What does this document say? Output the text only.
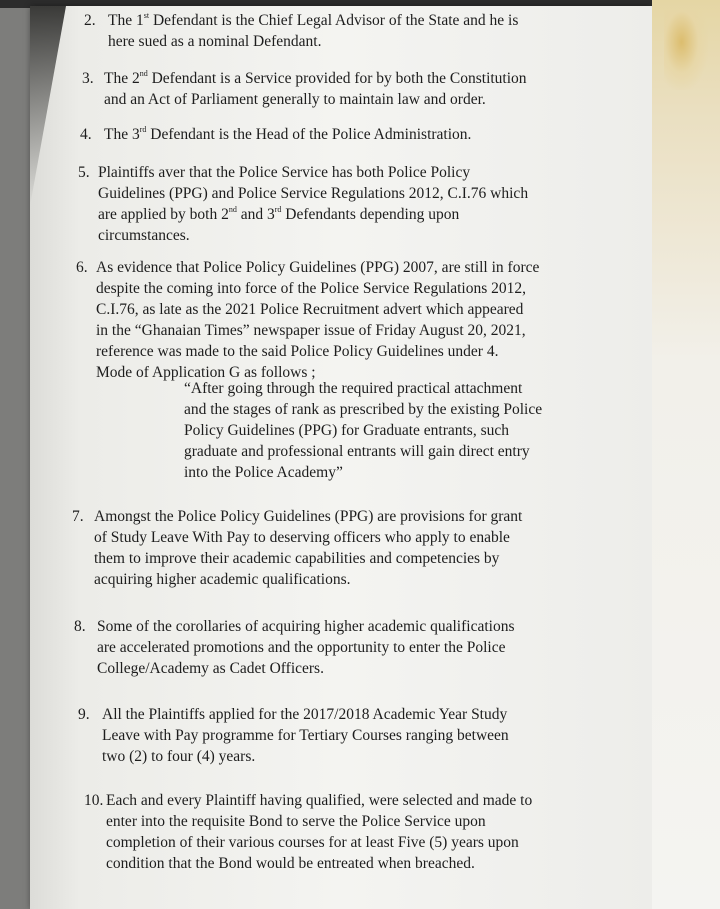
2. The 1st Defendant is the Chief Legal Advisor of the State and he is
here sued as a nominal Defendant.
3. The 2nd Defendant is a Service provided for by both the Constitution
and an Act of Parliament generally to maintain law and order.
4. The 3rd Defendant is the Head of the Police Administration.
5. Plaintiffs aver that the Police Service has both Police Policy
Guidelines (PPG) and Police Service Regulations 2012, C.I.76 which
are applied by both 2nd and 3rd Defendants depending upon
circumstances.
6. As evidence that Police Policy Guidelines (PPG) 2007, are still in force
despite the coming into force of the Police Service Regulations 2012,
C.I.76, as late as the 2021 Police Recruitment advert which appeared
in the “Ghanaian Times” newspaper issue of Friday August 20, 2021,
reference was made to the said Police Policy Guidelines under 4.
Mode of Application G as follows ;
7. Amongst the Police Policy Guidelines (PPG) are provisions for grant
of Study Leave With Pay to deserving officers who apply to enable
them to improve their academic capabilities and competencies by
acquiring higher academic qualifications.
8. Some of the corollaries of acquiring higher academic qualifications
are accelerated promotions and the opportunity to enter the Police
College/Academy as Cadet Officers.
9. All the Plaintiffs applied for the 2017/2018 Academic Year Study
Leave with Pay programme for Tertiary Courses ranging between
two (2) to four (4) years.
10. Each and every Plaintiff having qualified, were selected and made to
enter into the requisite Bond to serve the Police Service upon
completion of their various courses for at least Five (5) years upon
condition that the Bond would be entreated when breached.
“After going through the required practical attachment
and the stages of rank as prescribed by the existing Police
Policy Guidelines (PPG) for Graduate entrants, such
graduate and professional entrants will gain direct entry
into the Police Academy”
